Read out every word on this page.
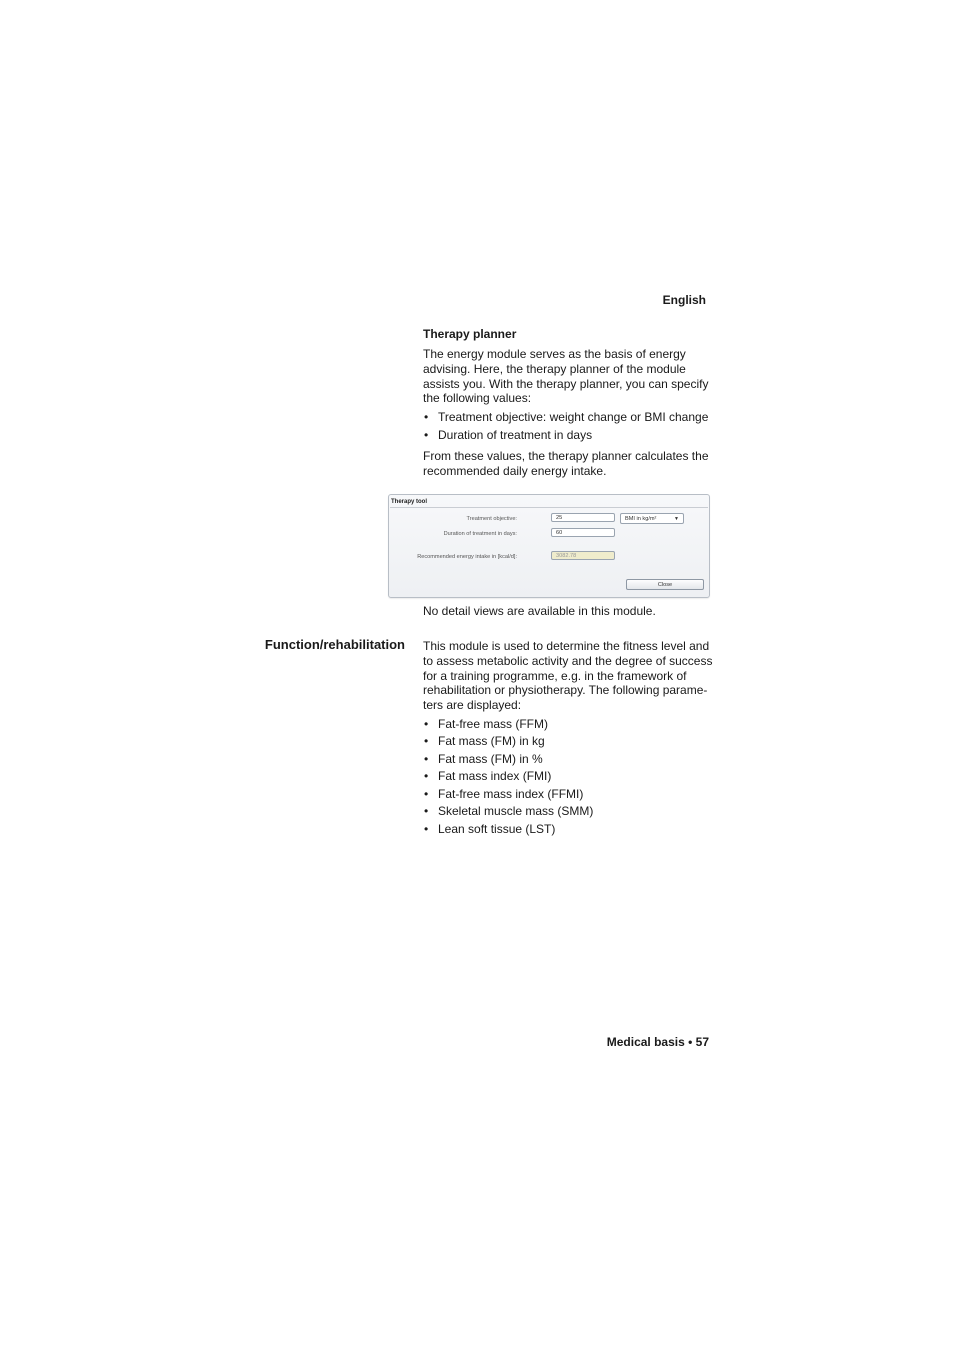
English
Therapy planner

The energy module serves as the basis of energy advising. Here, the therapy planner of the module assists you. With the therapy planner, you can specify the following values:

• Treatment objective: weight change or BMI change
• Duration of treatment in days

From these values, the therapy planner calculates the recommended daily energy intake.

Therapy tool
Treatment objective:	25	BMI in kg/m²	▼
Duration of treatment in days:	60
Recommended energy intake in [kcal/d]:	3082.78
Close

No detail views are available in this module.

Function/rehabilitation This module is used to determine the fitness level and to assess metabolic activity and the degree of success for a training programme, e.g. in the framework of rehabilitation or physiotherapy. The following parame-ters are displayed:

• Fat-free mass (FFM)
• Fat mass (FM) in kg
• Fat mass (FM) in %
• Fat mass index (FMI)
• Fat-free mass index (FFMI)
• Skeletal muscle mass (SMM)
• Lean soft tissue (LST)
Medical basis • 57
